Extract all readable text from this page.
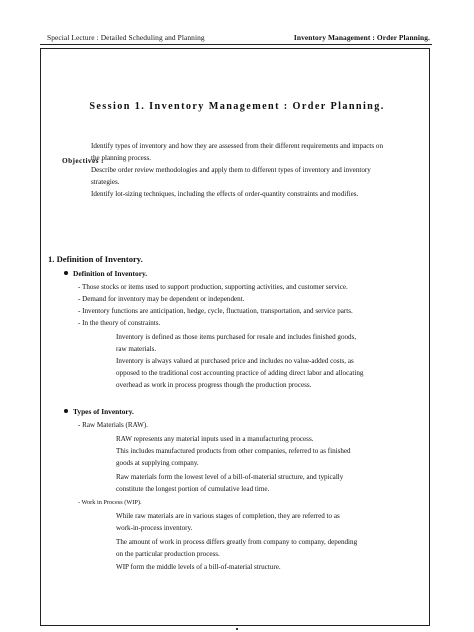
Special Lecture : Detailed Scheduling and Planning	Inventory Management : Order Planning.
Session 1. Inventory Management : Order Planning.
Objectives :
Identify types of inventory and how they are assessed from their different requirements and impacts on
the planning process.
Describe order review methodologies and apply them to different types of inventory and inventory
strategies.
Identify lot-sizing techniques, including the effects of order-quantity constraints and modifies.
1. Definition of Inventory.
Definition of Inventory.
- Those stocks or items used to support production, supporting activities, and customer service.
- Demand for inventory may be dependent or independent.
- Inventory functions are anticipation, hedge, cycle, fluctuation, transportation, and service parts.
- In the theory of constraints.
Inventory is defined as those items purchased for resale and includes finished goods,
raw materials.
Inventory is always valued at purchased price and includes no value-added costs, as
opposed to the traditional cost accounting practice of adding direct labor and allocating
overhead as work in process progress though the production process.
Types of Inventory.
- Raw Materials (RAW).
RAW represents any material inputs used in a manufacturing process.
This includes manufactured products from other companies, referred to as finished
goods at supplying company.
Raw materials form the lowest level of a bill-of-material structure, and typically
constitute the longest portion of cumulative lead time.
- Work in Process (WIP).
While raw materials are in various stages of completion, they are referred to as
work-in-process inventory.
The amount of work in process differs greatly from company to company, depending
on the particular production process.
WIP form the middle levels of a bill-of-material structure.
